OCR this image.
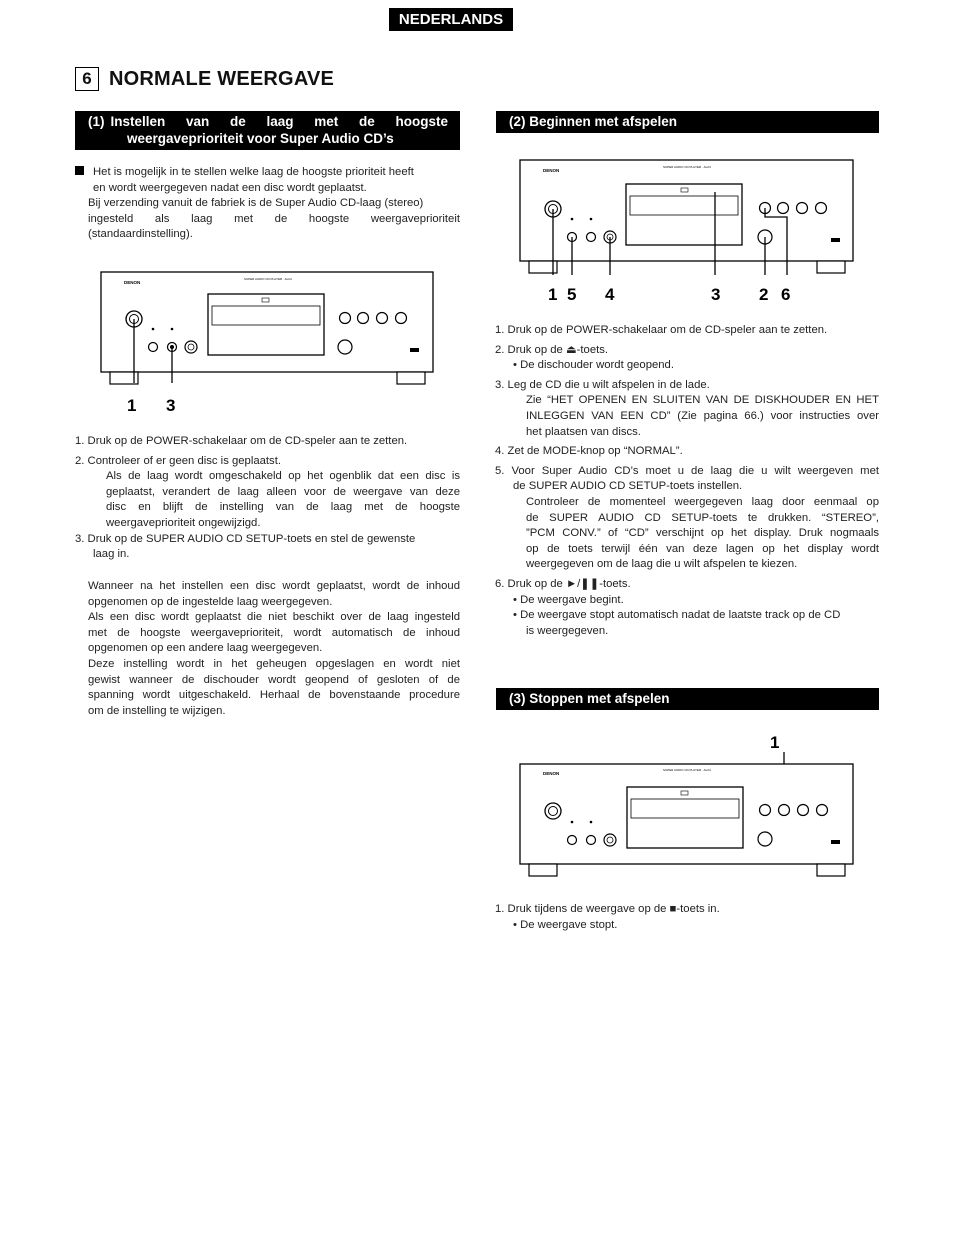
NEDERLANDS
6 NORMALE WEERGAVE
(1) Instellen van de laag met de hoogste
weergaveprioriteit voor Super Audio CD’s
Het is mogelijk in te stellen welke laag de hoogste prioriteit heeft
en wordt weergegeven nadat een disc wordt geplaatst.
Bij verzending vanuit de fabriek is de Super Audio CD-laag (stereo)
ingesteld als laag met de hoogste weergaveprioriteit
(standaardinstelling).
DENON
SUPER AUDIO CD PLAYER · AL24
1 3
1. Druk op de POWER-schakelaar om de CD-speler aan te zetten.
2. Controleer of er geen disc is geplaatst.
Als de laag wordt omgeschakeld op het ogenblik dat een disc is
geplaatst, verandert de laag alleen voor de weergave van deze
disc en blijft de instelling van de laag met de hoogste
weergaveprioriteit ongewijzigd.
3. Druk op de SUPER AUDIO CD SETUP-toets en stel de gewenste
laag in.
Wanneer na het instellen een disc wordt geplaatst, wordt de inhoud
opgenomen op de ingestelde laag weergegeven.
Als een disc wordt geplaatst die niet beschikt over de laag ingesteld
met de hoogste weergaveprioriteit, wordt automatisch de inhoud
opgenomen op een andere laag weergegeven.
Deze instelling wordt in het geheugen opgeslagen en wordt niet
gewist wanneer de dischouder wordt geopend of gesloten of de
spanning wordt uitgeschakeld. Herhaal de bovenstaande procedure
om de instelling te wijzigen.
(2) Beginnen met afspelen
DENON
SUPER AUDIO CD PLAYER · AL24
1 5 4	3 2 6
1. Druk op de POWER-schakelaar om de CD-speler aan te zetten.
2. Druk op de ⏏-toets.
• De dischouder wordt geopend.
3. Leg de CD die u wilt afspelen in de lade.
Zie “HET OPENEN EN SLUITEN VAN DE DISKHOUDER EN HET
INLEGGEN VAN EEN CD” (Zie pagina 66.) voor instructies over
het plaatsen van discs.
4. Zet de MODE-knop op “NORMAL”.
5. Voor Super Audio CD’s moet u de laag die u wilt weergeven met
de SUPER AUDIO CD SETUP-toets instellen.
Controleer de momenteel weergegeven laag door eenmaal op
de SUPER AUDIO CD SETUP-toets te drukken. “STEREO”,
”PCM CONV.” of “CD” verschijnt op het display. Druk nogmaals
op de toets terwijl één van deze lagen op het display wordt
weergegeven om de laag die u wilt afspelen te kiezen.
6. Druk op de ►/❚❚-toets.
• De weergave begint.
• De weergave stopt automatisch nadat de laatste track op de CD
is weergegeven.
(3) Stoppen met afspelen
1
DENON
SUPER AUDIO CD PLAYER · AL24
1. Druk tijdens de weergave op de ■-toets in.
• De weergave stopt.
